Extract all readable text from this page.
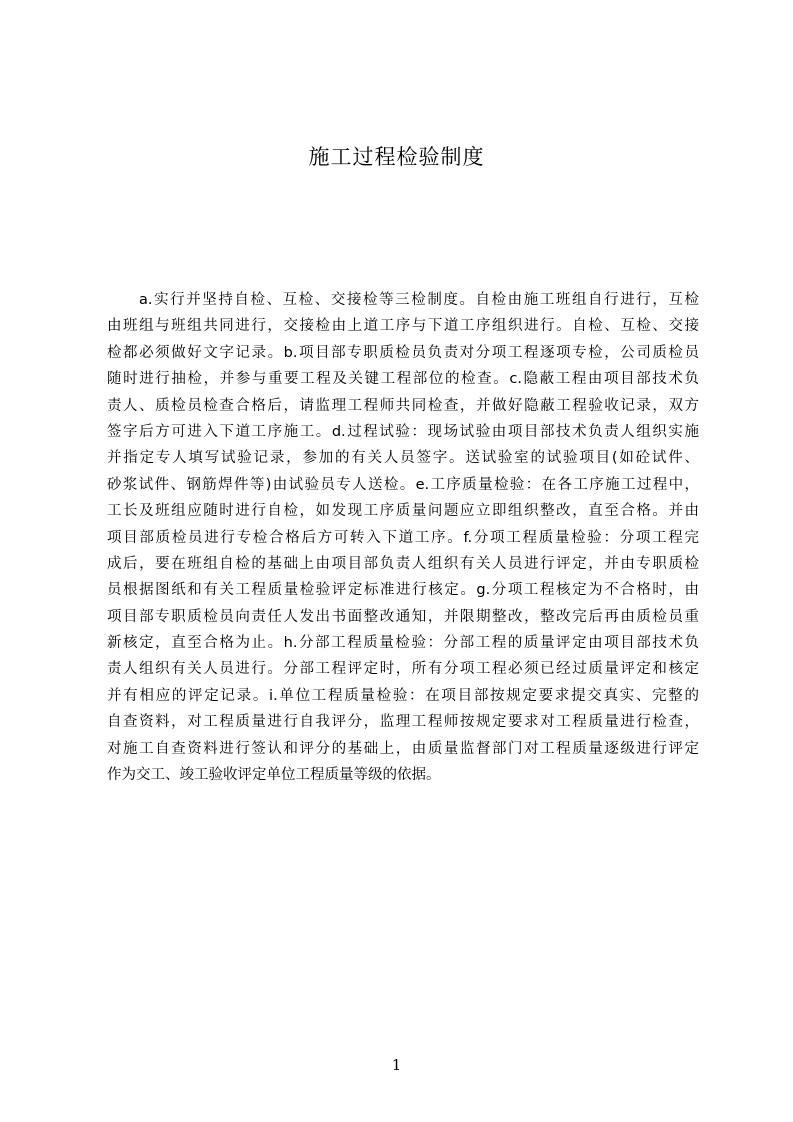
施工过程检验制度
a.实行并坚持自检、互检、交接检等三检制度。自检由施工班组自行进行，互检
由班组与班组共同进行，交接检由上道工序与下道工序组织进行。自检、互检、交接
检都必须做好文字记录。b.项目部专职质检员负责对分项工程逐项专检，公司质检员
随时进行抽检，并参与重要工程及关键工程部位的检查。c.隐蔽工程由项目部技术负
责人、质检员检查合格后，请监理工程师共同检查，并做好隐蔽工程验收记录，双方
签字后方可进入下道工序施工。d.过程试验：现场试验由项目部技术负责人组织实施
并指定专人填写试验记录，参加的有关人员签字。送试验室的试验项目(如砼试件、
砂浆试件、钢筋焊件等)由试验员专人送检。e.工序质量检验：在各工序施工过程中，
工长及班组应随时进行自检，如发现工序质量问题应立即组织整改，直至合格。并由
项目部质检员进行专检合格后方可转入下道工序。f.分项工程质量检验：分项工程完
成后，要在班组自检的基础上由项目部负责人组织有关人员进行评定，并由专职质检
员根据图纸和有关工程质量检验评定标准进行核定。g.分项工程核定为不合格时，由
项目部专职质检员向责任人发出书面整改通知，并限期整改，整改完后再由质检员重
新核定，直至合格为止。h.分部工程质量检验：分部工程的质量评定由项目部技术负
责人组织有关人员进行。分部工程评定时，所有分项工程必须已经过质量评定和核定
并有相应的评定记录。i.单位工程质量检验：在项目部按规定要求提交真实、完整的
自查资料，对工程质量进行自我评分，监理工程师按规定要求对工程质量进行检查，
对施工自查资料进行签认和评分的基础上，由质量监督部门对工程质量逐级进行评定
作为交工、竣工验收评定单位工程质量等级的依据。
1
